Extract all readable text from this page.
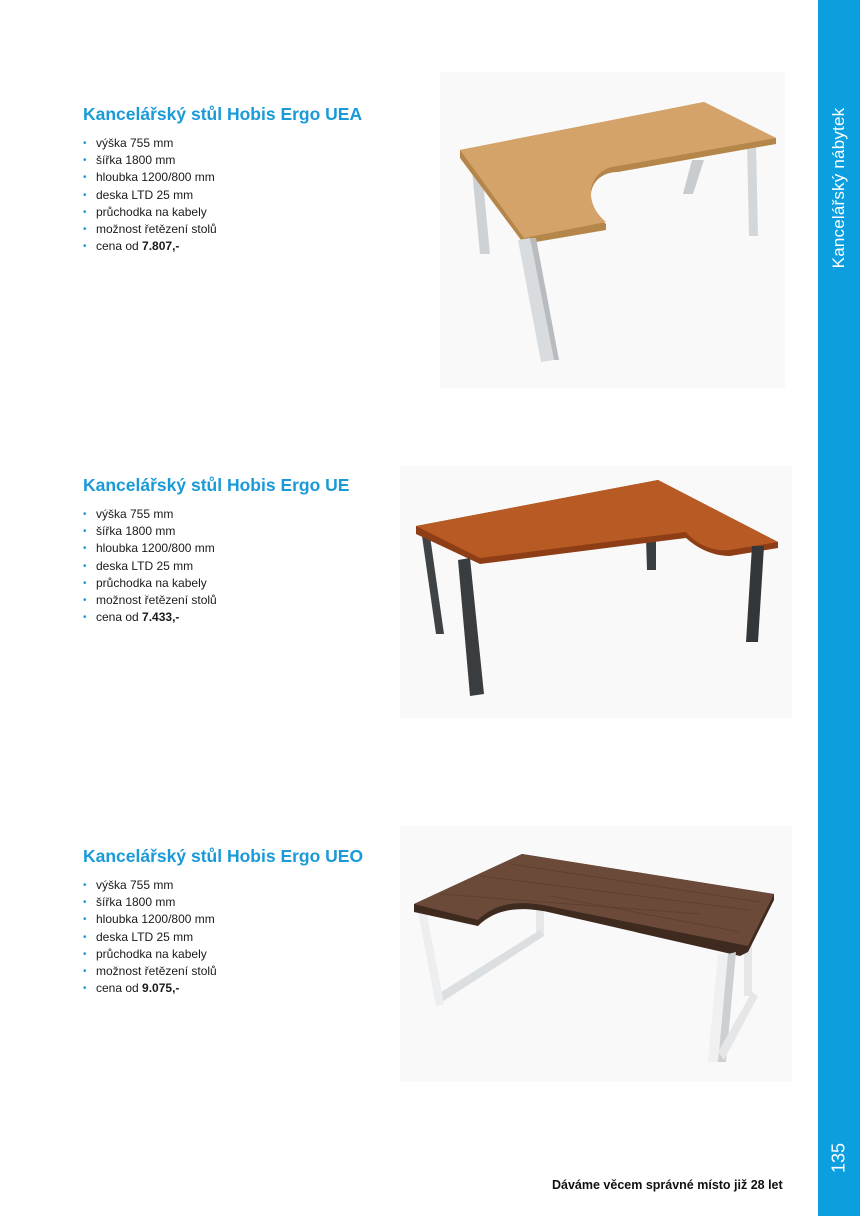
Kancelářský nábytek
135
Kancelářský stůl Hobis Ergo UEA
• výška 755 mm
• šířka 1800 mm
• hloubka 1200/800 mm
• deska LTD 25 mm
• průchodka na kabely
• možnost řetězení stolů
• cena od 7.807,-
Kancelářský stůl Hobis Ergo UE
• výška 755 mm
• šířka 1800 mm
• hloubka 1200/800 mm
• deska LTD 25 mm
• průchodka na kabely
• možnost řetězení stolů
• cena od 7.433,-
Kancelářský stůl Hobis Ergo UEO
• výška 755 mm
• šířka 1800 mm
• hloubka 1200/800 mm
• deska LTD 25 mm
• průchodka na kabely
• možnost řetězení stolů
• cena od 9.075,-
Dáváme věcem správné místo již 28 let
